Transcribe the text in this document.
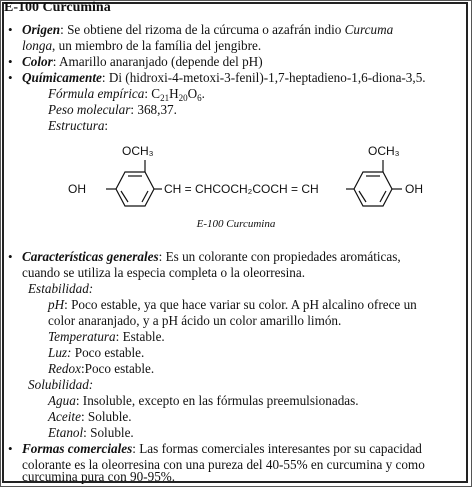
E-100 Curcumina
• Origen: Se obtiene del rizoma de la cúrcuma o azafrán indio Curcuma
longa, un miembro de la família del jengibre.
• Color: Amarillo anaranjado (depende del pH)
• Químicamente: Di (hidroxi-4-metoxi-3-fenil)-1,7-heptadieno-1,6-diona-3,5.
Fórmula empírica: $C_{21}H_{20}O_6$.
Peso molecular: 368,37.
Estructura:
OCH₃
OH	CH = CHCOCH₂COCH = CH
OCH₃
OH
E-100 Curcumina
• Características generales: Es un colorante con propiedades aromáticas,
cuando se utiliza la especia completa o la oleorresina.
Estabilidad:
pH: Poco estable, ya que hace variar su color. A pH alcalino ofrece un
color anaranjado, y a pH ácido un color amarillo limón.
Temperatura: Estable.
Luz: Poco estable.
Redox:Poco estable.
Solubilidad:
Agua: Insoluble, excepto en las fórmulas preemulsionadas.
Aceite: Soluble.
Etanol: Soluble.
• Formas comerciales: Las formas comerciales interesantes por su capacidad
colorante es la oleorresina con una pureza del 40-55% en curcumina y como
curcumina pura con 90-95%.
